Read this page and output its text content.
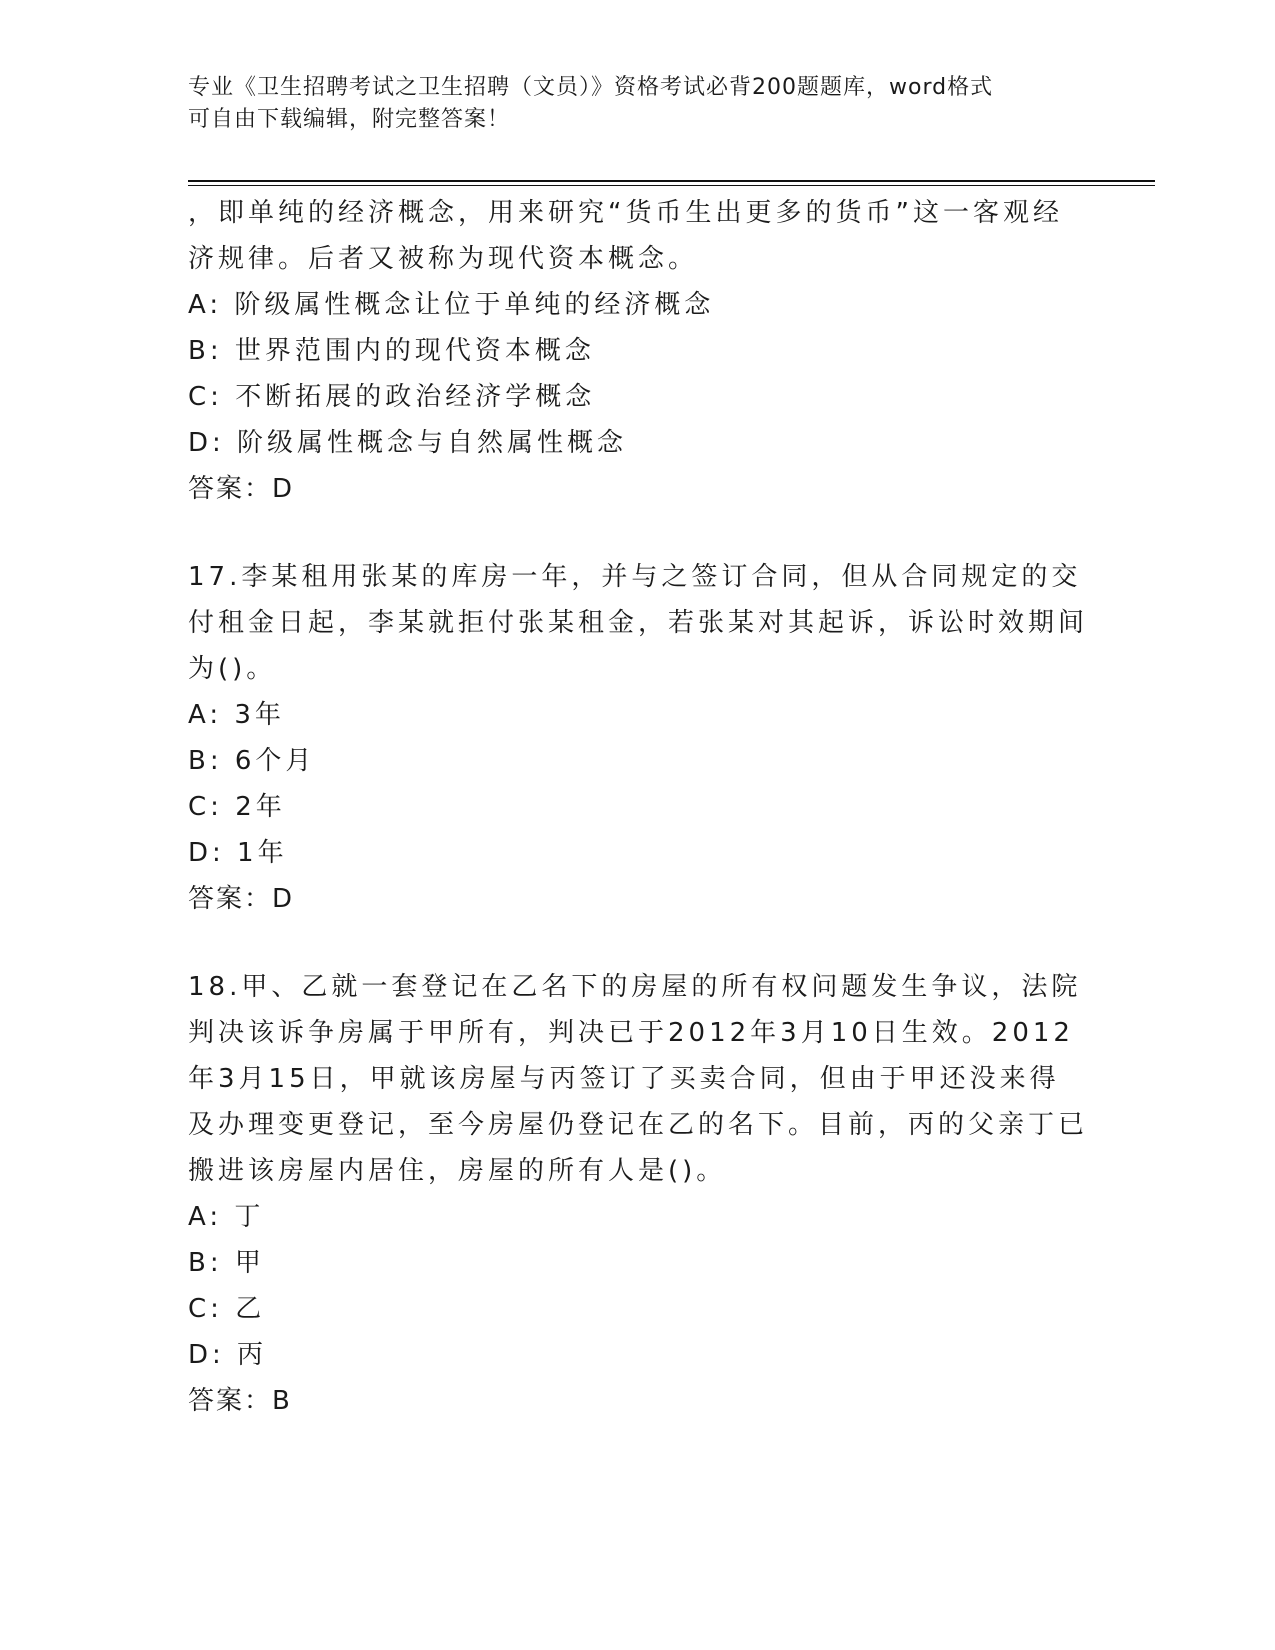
专业《卫生招聘考试之卫生招聘（文员）》资格考试必背200题题库，word格式
可自由下载编辑，附完整答案！

，即单纯的经济概念，用来研究“货币生出更多的货币”这一客观经济规律。后者又被称为现代资本概念。

A: 阶级属性概念让位于单纯的经济概念

B: 世界范围内的现代资本概念

C: 不断拓展的政治经济学概念

D: 阶级属性概念与自然属性概念

答案：D

17.李某租用张某的库房一年，并与之签订合同，但从合同规定的交付租金日起，李某就拒付张某租金，若张某对其起诉，诉讼时效期间为()。

A: 3年

B: 6个月

C: 2年

D: 1年

答案：D

18.甲、乙就一套登记在乙名下的房屋的所有权问题发生争议，法院判决该诉争房属于甲所有，判决已于2012年3月10日生效。2012年3月15日，甲就该房屋与丙签订了买卖合同，但由于甲还没来得及办理变更登记，至今房屋仍登记在乙的名下。目前，丙的父亲丁已搬进该房屋内居住，房屋的所有人是()。

A: 丁

B: 甲

C: 乙

D: 丙

答案：B
